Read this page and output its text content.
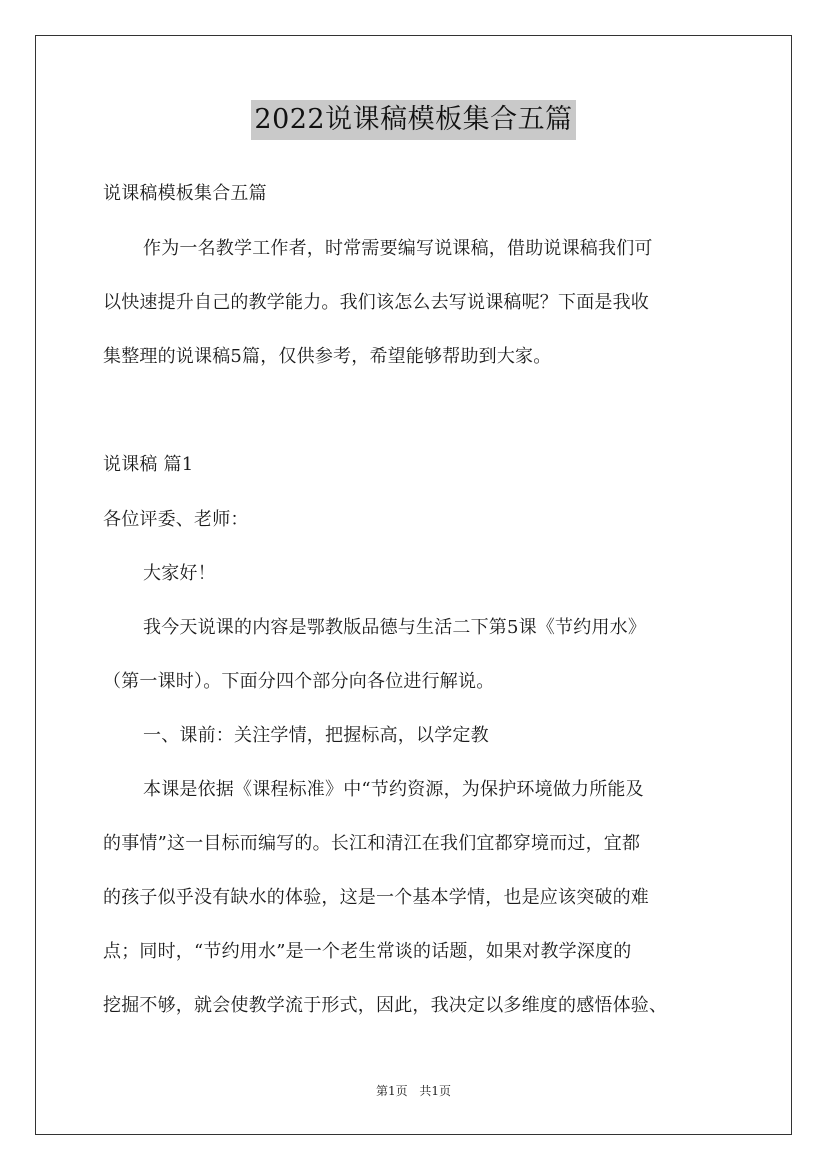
2022说课稿模板集合五篇
说课稿模板集合五篇
作为一名教学工作者，时常需要编写说课稿，借助说课稿我们可
以快速提升自己的教学能力。我们该怎么去写说课稿呢？下面是我收
集整理的说课稿5篇，仅供参考，希望能够帮助到大家。
说课稿 篇1
各位评委、老师：
大家好！
我今天说课的内容是鄂教版品德与生活二下第5课《节约用水》
（第一课时）。下面分四个部分向各位进行解说。
一、课前：关注学情，把握标高，以学定教
本课是依据《课程标准》中“节约资源，为保护环境做力所能及
的事情”这一目标而编写的。长江和清江在我们宜都穿境而过，宜都
的孩子似乎没有缺水的体验，这是一个基本学情，也是应该突破的难
点；同时，“节约用水”是一个老生常谈的话题，如果对教学深度的
挖掘不够，就会使教学流于形式，因此，我决定以多维度的感悟体验、
第1页 共1页
